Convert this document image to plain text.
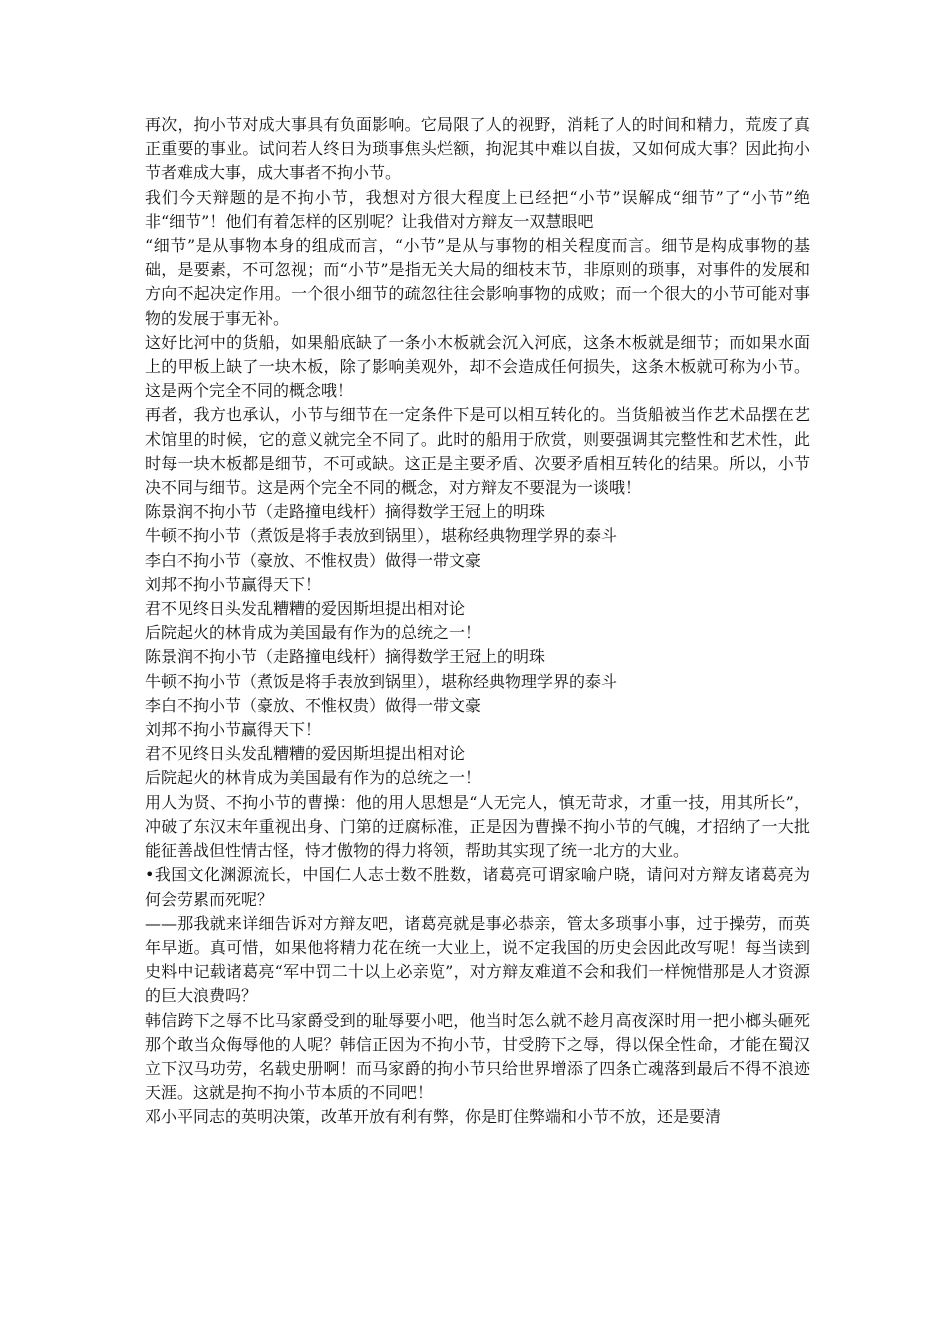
再次，拘小节对成大事具有负面影响。它局限了人的视野，消耗了人的时间和精力，荒废了真正重要的事业。试问若人终日为琐事焦头烂额，拘泥其中难以自拔，又如何成大事？因此拘小节者难成大事，成大事者不拘小节。

我们今天辩题的是不拘小节，我想对方很大程度上已经把“小节”误解成“细节”了“小节”绝非“细节”！他们有着怎样的区别呢？让我借对方辩友一双慧眼吧

“细节”是从事物本身的组成而言，“小节”是从与事物的相关程度而言。细节是构成事物的基础，是要素，不可忽视；而“小节”是指无关大局的细枝末节，非原则的琐事，对事件的发展和方向不起决定作用。一个很小细节的疏忽往往会影响事物的成败；而一个很大的小节可能对事物的发展于事无补。

这好比河中的货船，如果船底缺了一条小木板就会沉入河底，这条木板就是细节；而如果水面上的甲板上缺了一块木板，除了影响美观外，却不会造成任何损失，这条木板就可称为小节。这是两个完全不同的概念哦！

再者，我方也承认，小节与细节在一定条件下是可以相互转化的。当货船被当作艺术品摆在艺术馆里的时候，它的意义就完全不同了。此时的船用于欣赏，则要强调其完整性和艺术性，此时每一块木板都是细节，不可或缺。这正是主要矛盾、次要矛盾相互转化的结果。所以，小节决不同与细节。这是两个完全不同的概念，对方辩友不要混为一谈哦！

陈景润不拘小节（走路撞电线杆）摘得数学王冠上的明珠

牛顿不拘小节（煮饭是将手表放到锅里），堪称经典物理学界的泰斗

李白不拘小节（豪放、不惟权贵）做得一带文豪

刘邦不拘小节赢得天下！

君不见终日头发乱糟糟的爱因斯坦提出相对论

后院起火的林肯成为美国最有作为的总统之一！

陈景润不拘小节（走路撞电线杆）摘得数学王冠上的明珠

牛顿不拘小节（煮饭是将手表放到锅里），堪称经典物理学界的泰斗

李白不拘小节（豪放、不惟权贵）做得一带文豪

刘邦不拘小节赢得天下！

君不见终日头发乱糟糟的爱因斯坦提出相对论

后院起火的林肯成为美国最有作为的总统之一！

用人为贤、不拘小节的曹操：他的用人思想是“人无完人，慎无苛求，才重一技，用其所长”，冲破了东汉末年重视出身、门第的迂腐标准，正是因为曹操不拘小节的气魄，才招纳了一大批能征善战但性情古怪，恃才傲物的得力将领，帮助其实现了统一北方的大业。

•我国文化渊源流长，中国仁人志士数不胜数，诸葛亮可谓家喻户晓，请问对方辩友诸葛亮为何会劳累而死呢？

——那我就来详细告诉对方辩友吧，诸葛亮就是事必恭亲，管太多琐事小事，过于操劳，而英年早逝。真可惜，如果他将精力花在统一大业上，说不定我国的历史会因此改写呢！每当读到史料中记载诸葛亮“军中罚二十以上必亲览”，对方辩友难道不会和我们一样惋惜那是人才资源的巨大浪费吗？

韩信跨下之辱不比马家爵受到的耻辱要小吧，他当时怎么就不趁月高夜深时用一把小榔头砸死那个敢当众侮辱他的人呢？韩信正因为不拘小节，甘受胯下之辱，得以保全性命，才能在蜀汉立下汉马功劳，名载史册啊！而马家爵的拘小节只给世界增添了四条亡魂落到最后不得不浪迹天涯。这就是拘不拘小节本质的不同吧！

邓小平同志的英明决策，改革开放有利有弊，你是盯住弊端和小节不放，还是要清
